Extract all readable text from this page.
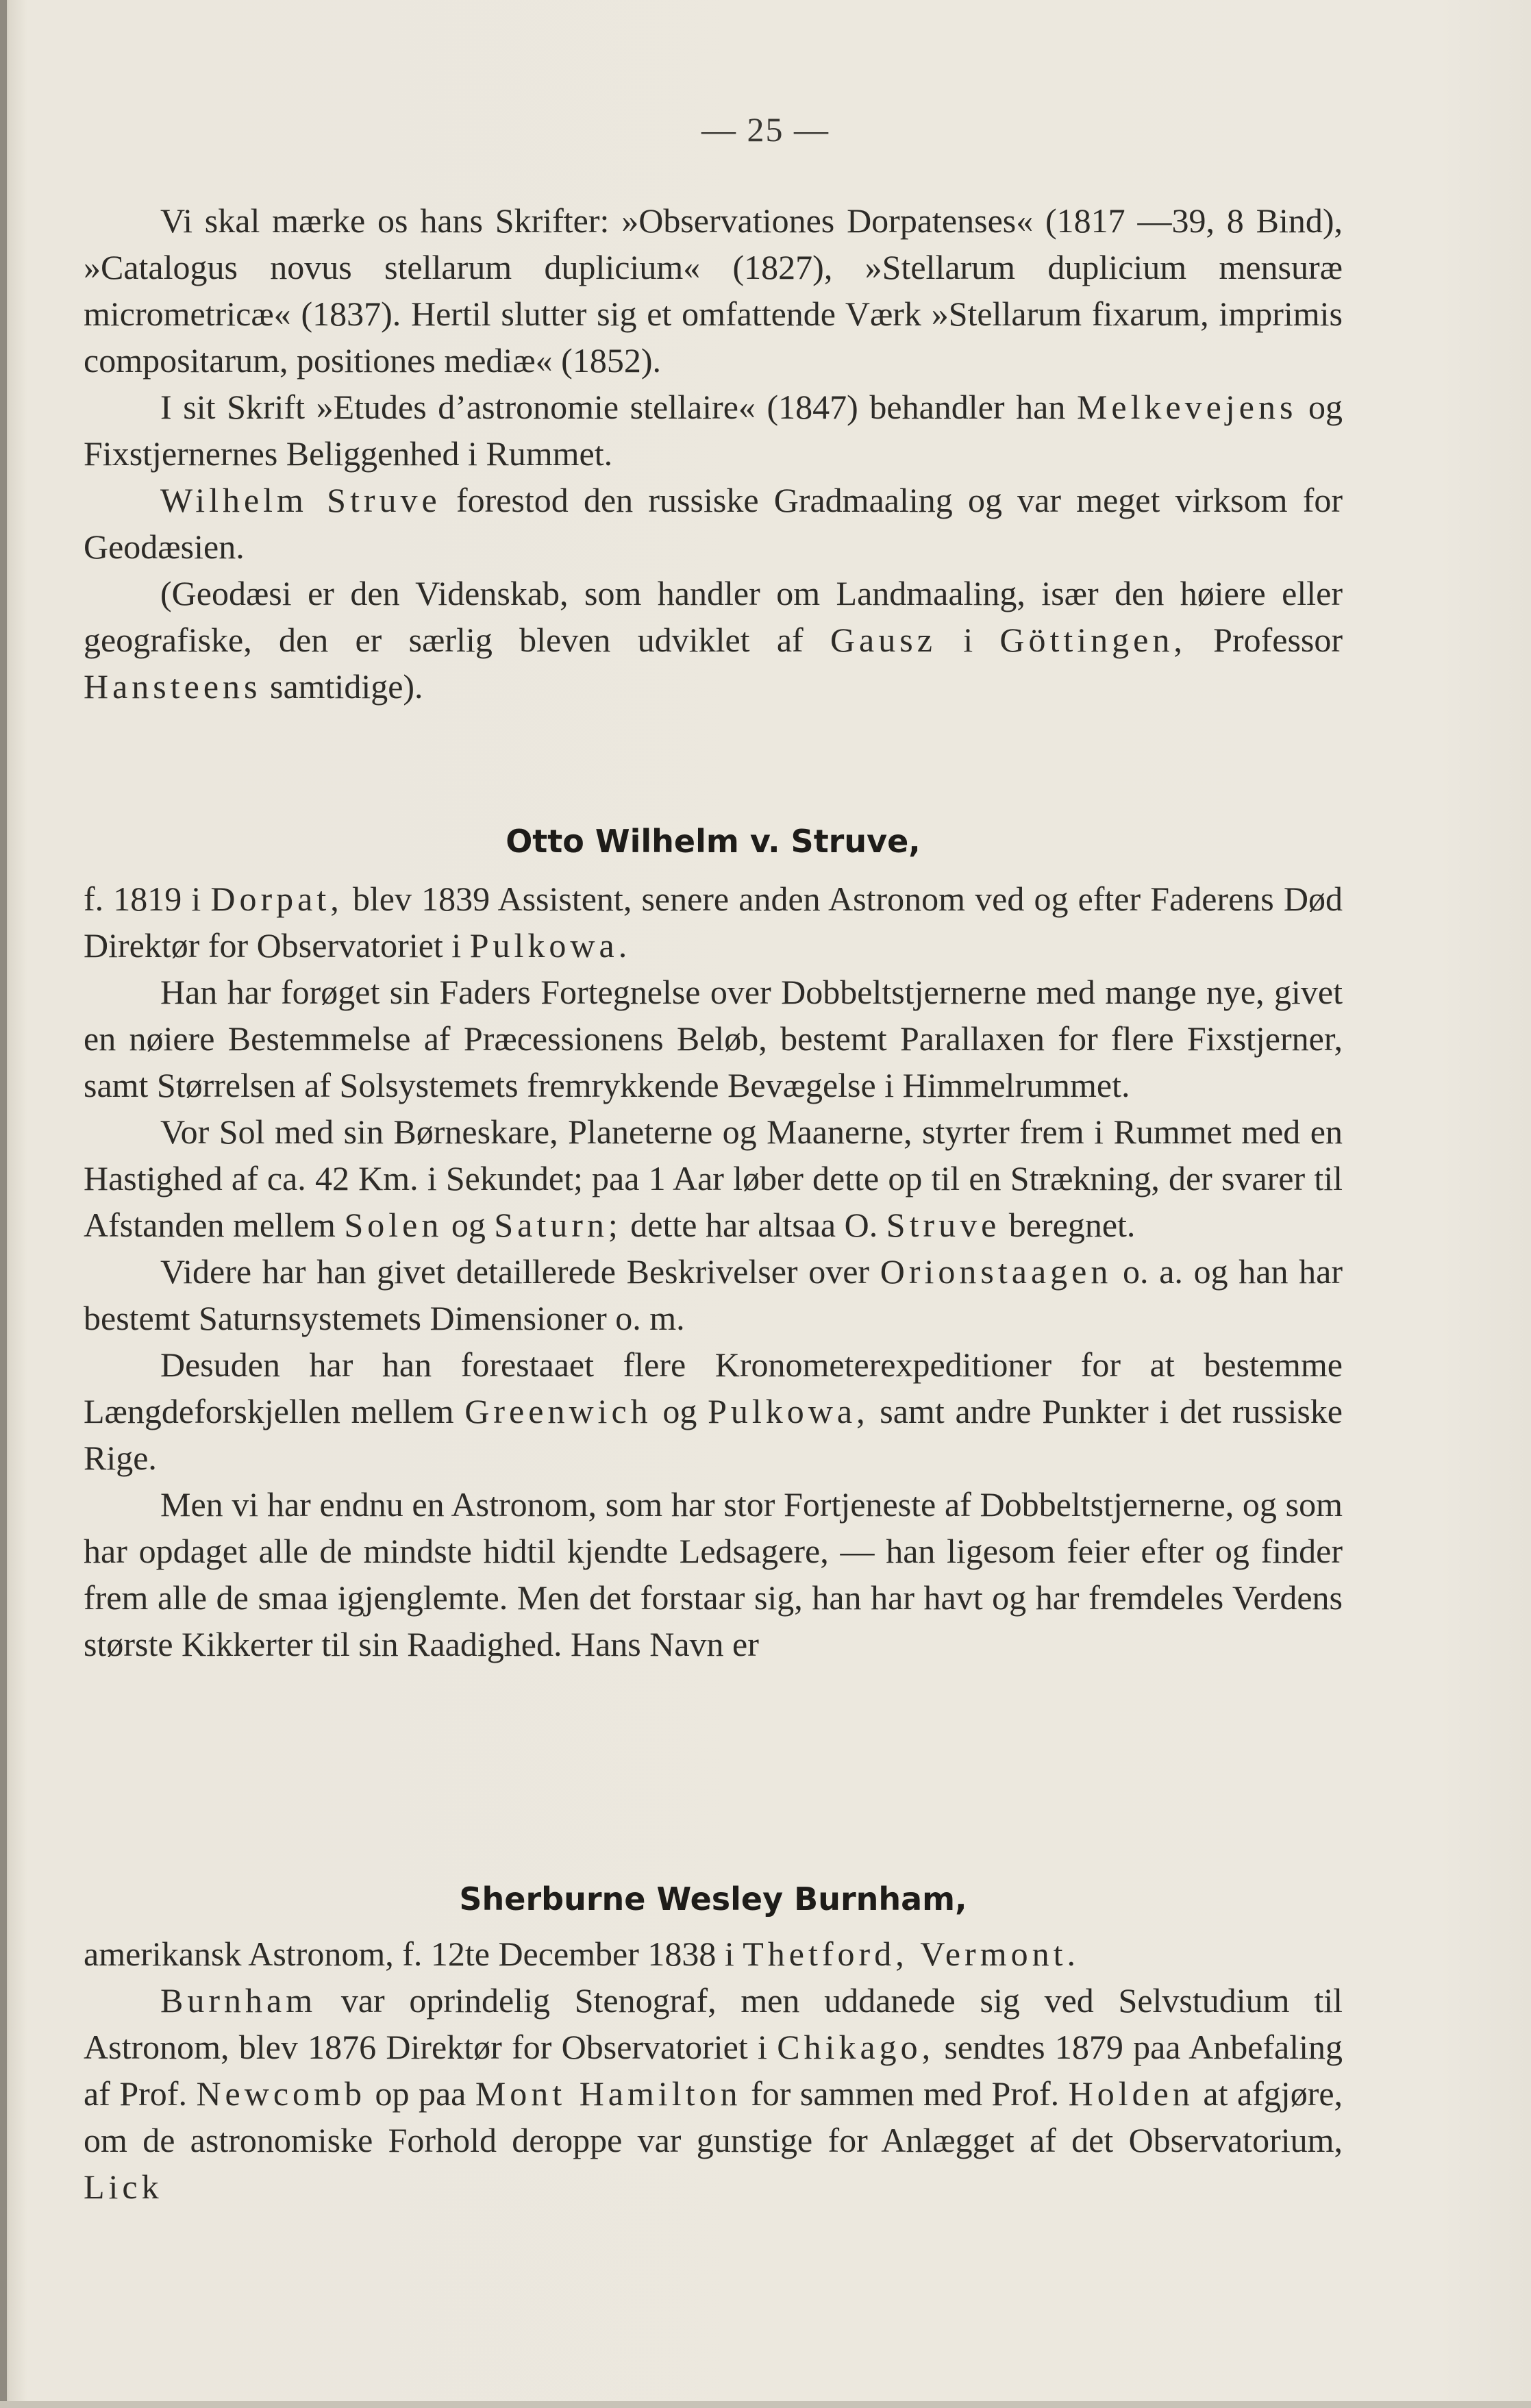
— 25 —

Vi skal mærke os hans Skrifter: »Observationes Dorpatenses« (1817 —39, 8 Bind), »Catalogus novus stellarum duplicium« (1827), »Stellarum duplicium mensuræ micrometricæ« (1837). Hertil slutter sig et omfattende Værk »Stellarum fixarum, imprimis compositarum, positiones mediæ« (1852).

I sit Skrift »Etudes d’astronomie stellaire« (1847) behandler han Melkevejens og Fixstjernernes Beliggenhed i Rummet.

Wilhelm Struve forestod den russiske Gradmaaling og var meget virksom for Geodæsien.

(Geodæsi er den Videnskab, som handler om Landmaaling, især den høiere eller geografiske, den er særlig bleven udviklet af Gausz i Göttingen, Professor Hansteens samtidige).

Otto Wilhelm v. Struve,

f. 1819 i Dorpat, blev 1839 Assistent, senere anden Astronom ved og efter Faderens Død Direktør for Observatoriet i Pulkowa.

Han har forøget sin Faders Fortegnelse over Dobbeltstjernerne med mange nye, givet en nøiere Bestemmelse af Præcessionens Beløb, bestemt Parallaxen for flere Fixstjerner, samt Størrelsen af Solsystemets fremrykkende Bevægelse i Himmelrummet.

Vor Sol med sin Børneskare, Planeterne og Maanerne, styrter frem i Rummet med en Hastighed af ca. 42 Km. i Sekundet; paa 1 Aar løber dette op til en Strækning, der svarer til Afstanden mellem Solen og Saturn; dette har altsaa O. Struve beregnet.

Videre har han givet detaillerede Beskrivelser over Orionstaagen o. a. og han har bestemt Saturnsystemets Dimensioner o. m.

Desuden har han forestaaet flere Kronometerexpeditioner for at bestemme Længdeforskjellen mellem Greenwich og Pulkowa, samt andre Punkter i det russiske Rige.

Men vi har endnu en Astronom, som har stor Fortjeneste af Dobbeltstjernerne, og som har opdaget alle de mindste hidtil kjendte Ledsagere, — han ligesom feier efter og finder frem alle de smaa igjenglemte. Men det forstaar sig, han har havt og har fremdeles Verdens største Kikkerter til sin Raadighed. Hans Navn er

Sherburne Wesley Burnham,

amerikansk Astronom, f. 12te December 1838 i Thetford, Vermont.

Burnham var oprindelig Stenograf, men uddanede sig ved Selvstudium til Astronom, blev 1876 Direktør for Observatoriet i Chikago, sendtes 1879 paa Anbefaling af Prof. Newcomb op paa Mont Hamilton for sammen med Prof. Holden at afgjøre, om de astronomiske Forhold deroppe var gunstige for Anlægget af det Observatorium, Lick
